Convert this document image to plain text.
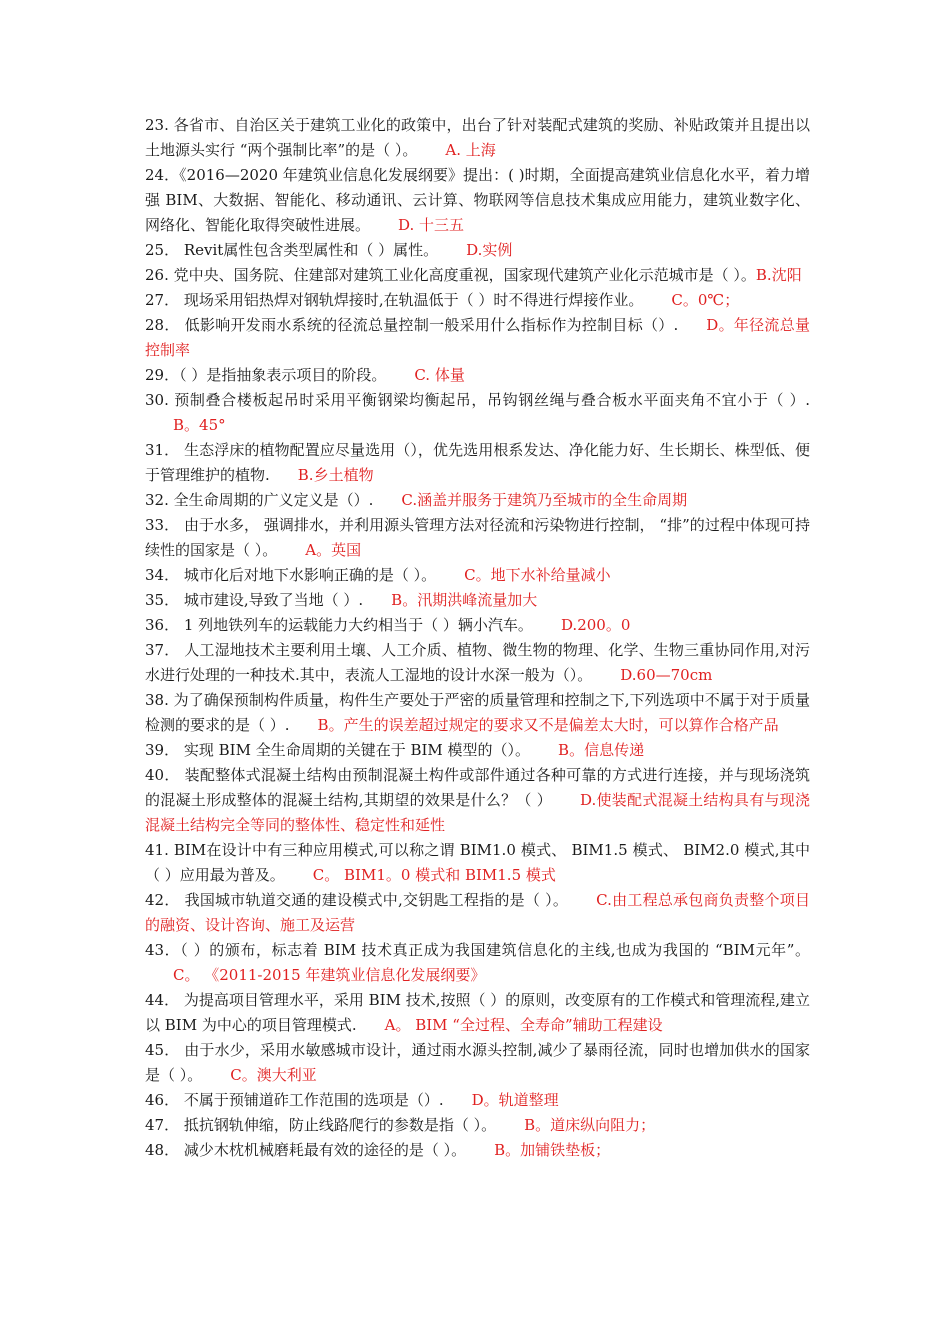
23. 各省市、自治区关于建筑工业化的政策中，出台了针对装配式建筑的奖励、补贴政策并且提出以土地源头实行 “两个强制比率”的是（ ）。 A. 上海

24．《2016—2020 年建筑业信息化发展纲要》提出：( )时期，全面提高建筑业信息化水平，着力增强 BIM、大数据、智能化、移动通讯、云计算、物联网等信息技术集成应用能力，建筑业数字化、网络化、智能化取得突破性进展。 D. 十三五

25． Revit属性包含类型属性和（ ）属性。 D.实例

26. 党中央、国务院、住建部对建筑工业化高度重视，国家现代建筑产业化示范城市是（ ）。B.沈阳

27． 现场采用铝热焊对钢轨焊接时,在轨温低于（ ）时不得进行焊接作业。 C。0℃；

28． 低影响开发雨水系统的径流总量控制一般采用什么指标作为控制目标（）. D。年径流总量控制率

29．（ ）是指抽象表示项目的阶段。 C. 体量

30. 预制叠合楼板起吊时采用平衡钢梁均衡起吊，吊钩钢丝绳与叠合板水平面夹角不宜小于（ ）.B。45°

31． 生态浮床的植物配置应尽量选用（），优先选用根系发达、净化能力好、生长期长、株型低、便于管理维护的植物. B.乡土植物

32. 全生命周期的广义定义是（）. C.涵盖并服务于建筑乃至城市的全生命周期

33． 由于水多， 强调排水，并利用源头管理方法对径流和污染物进行控制， “排”的过程中体现可持续性的国家是（ ）。 A。英国

34． 城市化后对地下水影响正确的是（ ）。 C。地下水补给量减小

35． 城市建设,导致了当地（ ）. B。汛期洪峰流量加大

36． 1 列地铁列车的运载能力大约相当于（ ）辆小汽车。 D.200。0

37． 人工湿地技术主要利用土壤、人工介质、植物、微生物的物理、化学、生物三重协同作用,对污水进行处理的一种技术.其中，表流人工湿地的设计水深一般为（）。 D.60—70cm

38. 为了确保预制构件质量，构件生产要处于严密的质量管理和控制之下,下列选项中不属于对于质量检测的要求的是（ ）. B。产生的误差超过规定的要求又不是偏差太大时，可以算作合格产品

39． 实现 BIM 全生命周期的关键在于 BIM 模型的（）。 B。信息传递

40． 装配整体式混凝土结构由预制混凝土构件或部件通过各种可靠的方式进行连接，并与现场浇筑的混凝土形成整体的混凝土结构,其期望的效果是什么？（ ） D.使装配式混凝土结构具有与现浇混凝土结构完全等同的整体性、稳定性和延性

41. BIM在设计中有三种应用模式,可以称之谓 BIM1.0 模式、 BIM1.5 模式、 BIM2.0 模式,其中（ ）应用最为普及。 C。 BIM1。0 模式和 BIM1.5 模式

42． 我国城市轨道交通的建设模式中,交钥匙工程指的是（ ）。 C.由工程总承包商负责整个项目的融资、设计咨询、施工及运营

43．（ ）的颁布，标志着 BIM 技术真正成为我国建筑信息化的主线,也成为我国的 “BIM元年”。C。 《2011-2015 年建筑业信息化发展纲要》

44． 为提高项目管理水平，采用 BIM 技术,按照（ ）的原则，改变原有的工作模式和管理流程,建立以 BIM 为中心的项目管理模式. A。 BIM “全过程、全寿命”辅助工程建设

45． 由于水少，采用水敏感城市设计，通过雨水源头控制,减少了暴雨径流，同时也增加供水的国家是（ ）。 C。澳大利亚

46． 不属于预铺道砟工作范围的选项是（）. D。轨道整理

47． 抵抗钢轨伸缩，防止线路爬行的参数是指（ ）。 B。道床纵向阻力；

48． 减少木枕机械磨耗最有效的途径的是（ ）。 B。加铺铁垫板；
